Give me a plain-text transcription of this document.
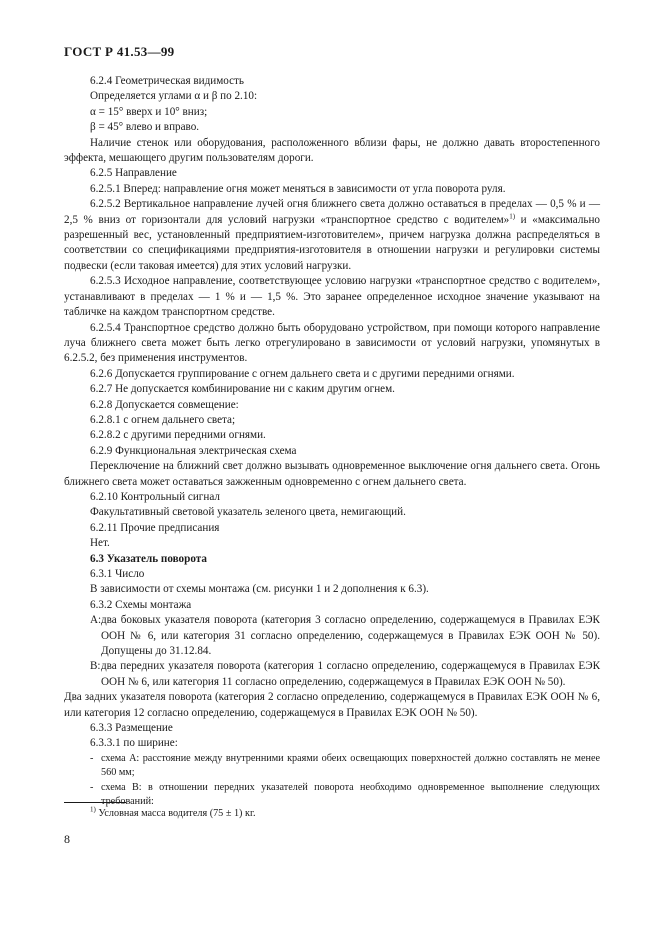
ГОСТ Р 41.53—99

6.2.4 Геометрическая видимость

Определяется углами α и β по 2.10:

α = 15° вверх и 10° вниз;

β = 45° влево и вправо.

Наличие стенок или оборудования, расположенного вблизи фары, не должно давать второстепенного эффекта, мешающего другим пользователям дороги.

6.2.5 Направление

6.2.5.1 Вперед: направление огня может меняться в зависимости от угла поворота руля.

6.2.5.2 Вертикальное направление лучей огня ближнего света должно оставаться в пределах — 0,5 % и — 2,5 % вниз от горизонтали для условий нагрузки «транспортное средство с водителем»$^{1)}$ и «максимально разрешенный вес, установленный предприятием-изготовителем», причем нагрузка должна распределяться в соответствии со спецификациями предприятия-изготовителя в отношении нагрузки и регулировки системы подвески (если таковая имеется) для этих условий нагрузки.

6.2.5.3 Исходное направление, соответствующее условию нагрузки «транспортное средство с водителем», устанавливают в пределах — 1 % и — 1,5 %. Это заранее определенное исходное значение указывают на табличке на каждом транспортном средстве.

6.2.5.4 Транспортное средство должно быть оборудовано устройством, при помощи которого направление луча ближнего света может быть легко отрегулировано в зависимости от условий нагрузки, упомянутых в 6.2.5.2, без применения инструментов.

6.2.6 Допускается группирование с огнем дальнего света и с другими передними огнями.

6.2.7 Не допускается комбинирование ни с каким другим огнем.

6.2.8 Допускается совмещение:

6.2.8.1 с огнем дальнего света;

6.2.8.2 с другими передними огнями.

6.2.9 Функциональная электрическая схема

Переключение на ближний свет должно вызывать одновременное выключение огня дальнего света. Огонь ближнего света может оставаться зажженным одновременно с огнем дальнего света.

6.2.10 Контрольный сигнал

Факультативный световой указатель зеленого цвета, немигающий.

6.2.11 Прочие предписания

Нет.

6.3 Указатель поворота

6.3.1 Число

В зависимости от схемы монтажа (см. рисунки 1 и 2 дополнения к 6.3).

6.3.2 Схемы монтажа

А: два боковых указателя поворота (категория 3 согласно определению, содержащемуся в Правилах ЕЭК ООН № 6, или категория 31 согласно определению, содержащемуся в Правилах ЕЭК ООН № 50). Допущены до 31.12.84.

В: два передних указателя поворота (категория 1 согласно определению, содержащемуся в Правилах ЕЭК ООН № 6, или категория 11 согласно определению, содержащемуся в Правилах ЕЭК ООН № 50).

Два задних указателя поворота (категория 2 согласно определению, содержащемуся в Правилах ЕЭК ООН № 6, или категория 12 согласно определению, содержащемуся в Правилах ЕЭК ООН № 50).

6.3.3 Размещение

6.3.3.1 по ширине:

- схема А: расстояние между внутренними краями обеих освещающих поверхностей должно составлять не менее 560 мм;

- схема В: в отношении передних указателей поворота необходимо одновременное выполнение следующих требований:

$^{1)}$ Условная масса водителя (75 ± 1) кг.
8
